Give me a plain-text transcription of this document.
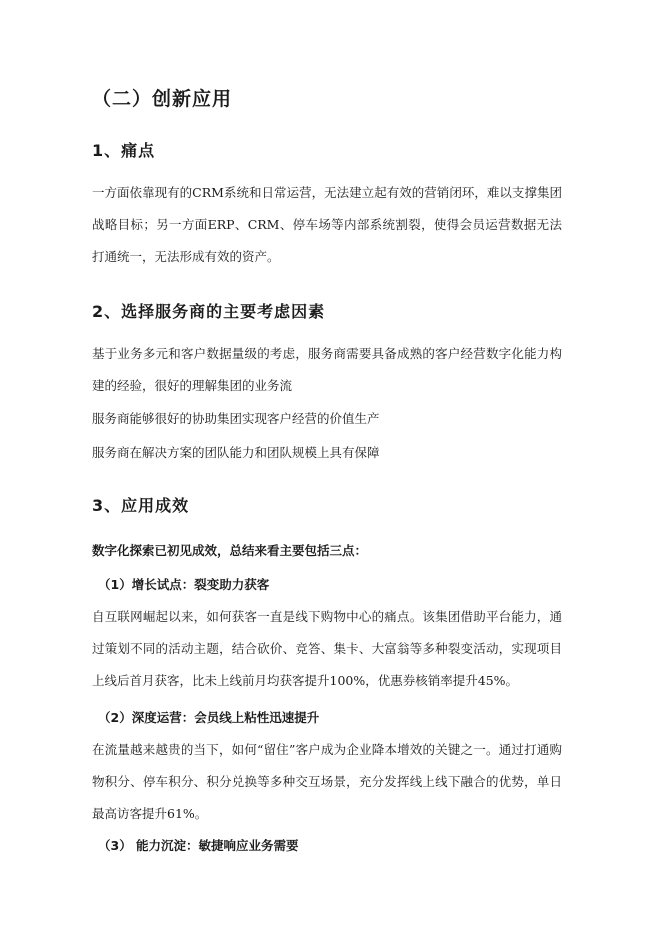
（二）创新应用
1、痛点

一方面依靠现有的CRM系统和日常运营，无法建立起有效的营销闭环，难以支撑集团战略目标；另一方面ERP、CRM、停车场等内部系统割裂，使得会员运营数据无法打通统一，无法形成有效的资产。

2、选择服务商的主要考虑因素

基于业务多元和客户数据量级的考虑，服务商需要具备成熟的客户经营数字化能力构建的经验，很好的理解集团的业务流

服务商能够很好的协助集团实现客户经营的价值生产

服务商在解决方案的团队能力和团队规模上具有保障

3、应用成效
数字化探索已初见成效，总结来看主要包括三点：
（1）增长试点：裂变助力获客

自互联网崛起以来，如何获客一直是线下购物中心的痛点。该集团借助平台能力，通过策划不同的活动主题，结合砍价、竞答、集卡、大富翁等多种裂变活动，实现项目上线后首月获客，比未上线前月均获客提升100%，优惠券核销率提升45%。

（2）深度运营：会员线上粘性迅速提升

在流量越来越贵的当下，如何“留住”客户成为企业降本增效的关键之一。通过打通购物积分、停车积分、积分兑换等多种交互场景，充分发挥线上线下融合的优势，单日最高访客提升61%。

（3） 能力沉淀：敏捷响应业务需要
